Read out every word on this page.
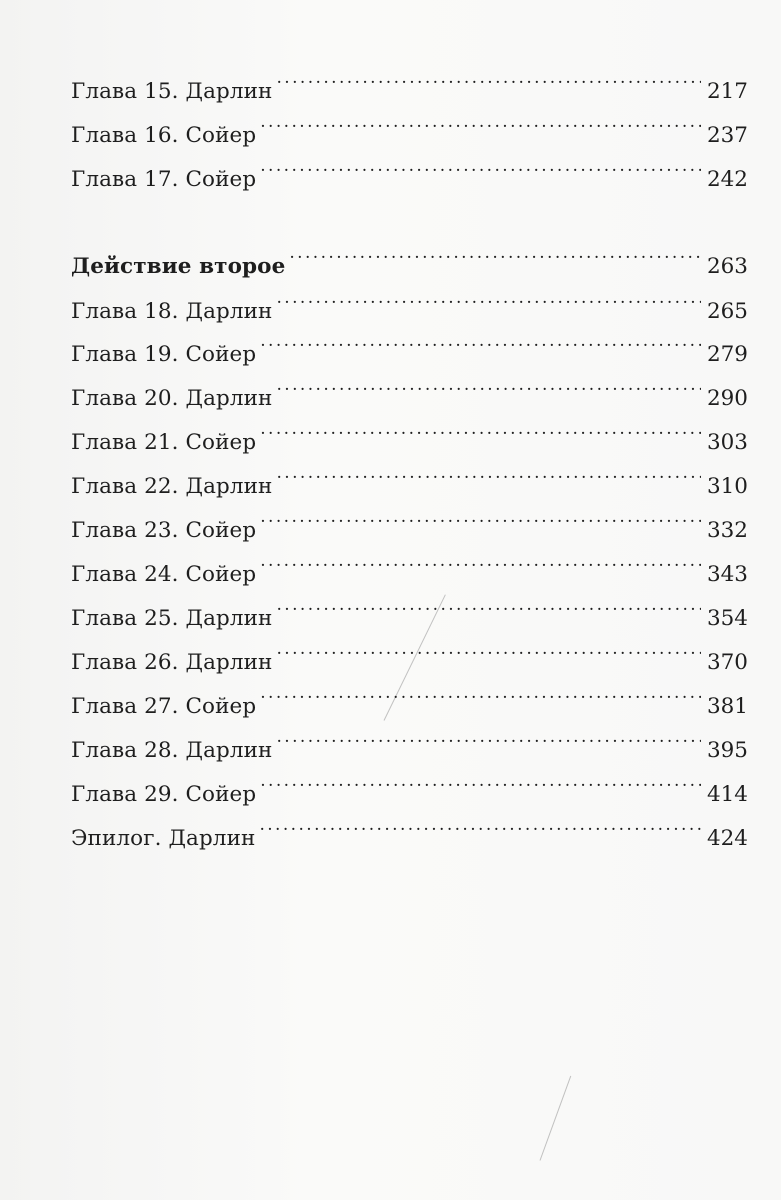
Глава 15. Дарлин . . .	217
Глава 16. Сойер . . .	237
Глава 17. Сойер . . .	242
Действие второе . . .	263
Глава 18. Дарлин . . .	265
Глава 19. Сойер . . .	279
Глава 20. Дарлин . . .	290
Глава 21. Сойер . . .	303
Глава 22. Дарлин . . .	310
Глава 23. Сойер . . .	332
Глава 24. Сойер . . .	343
Глава 25. Дарлин . . .	354
Глава 26. Дарлин . . .	370
Глава 27. Сойер . . .	381
Глава 28. Дарлин . . .	395
Глава 29. Сойер . . .	414
Эпилог. Дарлин . . .	424
